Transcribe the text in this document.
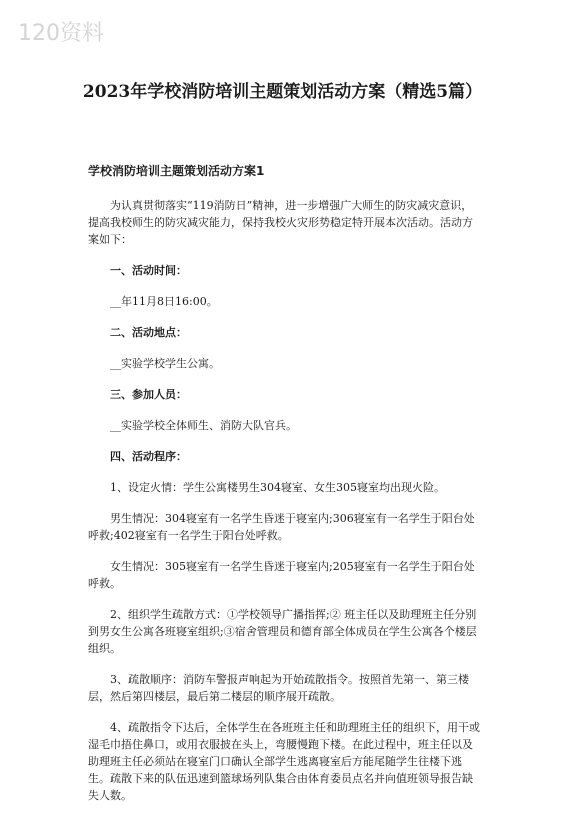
120资料
2023年学校消防培训主题策划活动方案（精选5篇）
学校消防培训主题策划活动方案1
为认真贯彻落实“119消防日”精神，进一步增强广大师生的防灾减灾意识，提高我校师生的防灾减灾能力，保持我校火灾形势稳定特开展本次活动。活动方案如下：
一、活动时间：
__年11月8日16:00。
二、活动地点：
__实验学校学生公寓。
三、参加人员：
__实验学校全体师生、消防大队官兵。
四、活动程序：
1、设定火情：学生公寓楼男生304寝室、女生305寝室均出现火险。
男生情况：304寝室有一名学生昏迷于寝室内;306寝室有一名学生于阳台处呼救;402寝室有一名学生于阳台处呼救。
女生情况：305寝室有一名学生昏迷于寝室内;205寝室有一名学生于阳台处呼救。
2、组织学生疏散方式：①学校领导广播指挥;② 班主任以及助理班主任分别到男女生公寓各班寝室组织;③宿舍管理员和德育部全体成员在学生公寓各个楼层组织。
3、疏散顺序：消防车警报声响起为开始疏散指令。按照首先第一、第三楼层，然后第四楼层，最后第二楼层的顺序展开疏散。
4、疏散指令下达后，全体学生在各班班主任和助理班主任的组织下，用干或湿毛巾捂住鼻口，或用衣服披在头上，弯腰慢跑下楼。在此过程中，班主任以及助理班主任必须站在寝室门口确认全部学生逃离寝室后方能尾随学生往楼下逃生。疏散下来的队伍迅速到篮球场列队集合由体育委员点名并向值班领导报告缺失人数。
